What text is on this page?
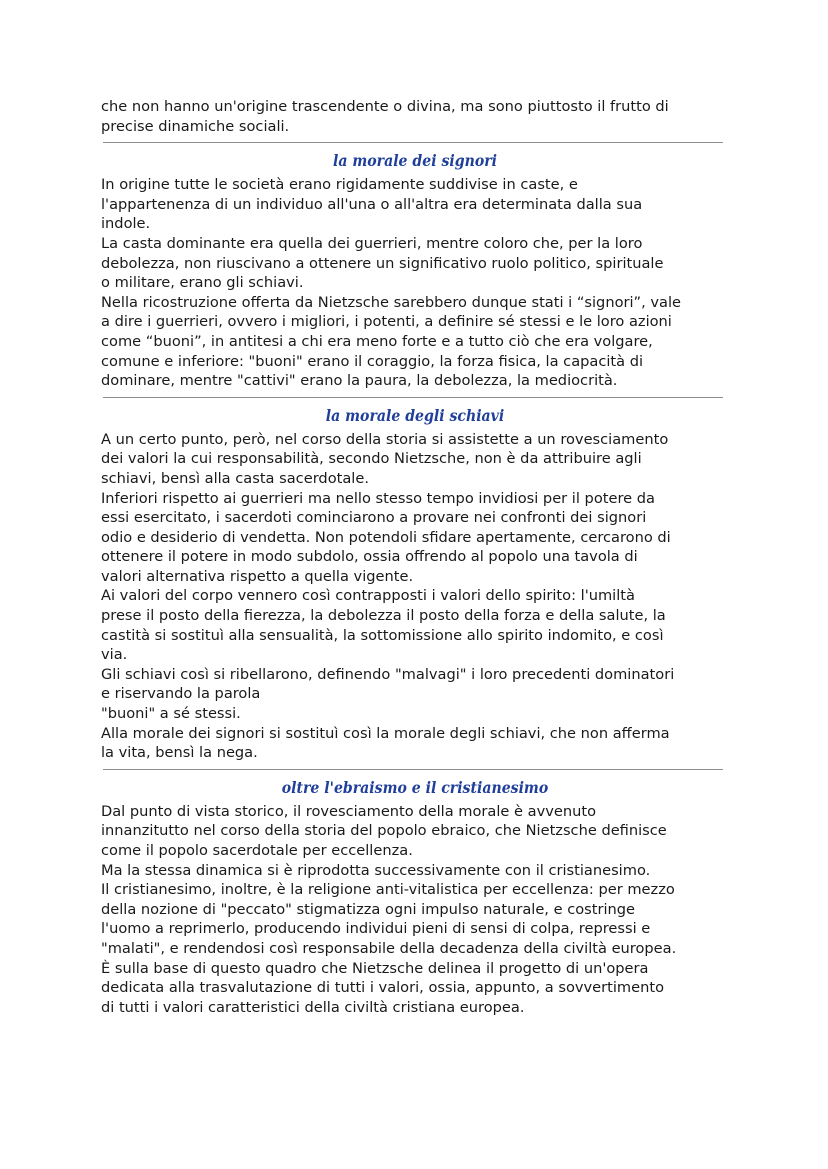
che non hanno un'origine trascendente o divina, ma sono piuttosto il frutto di
precise dinamiche sociali.

la morale dei signori

In origine tutte le società erano rigidamente suddivise in caste, e
l'appartenenza di un individuo all'una o all'altra era determinata dalla sua
indole.

La casta dominante era quella dei guerrieri, mentre coloro che, per la loro
debolezza, non riuscivano a ottenere un significativo ruolo politico, spirituale
o militare, erano gli schiavi.

Nella ricostruzione offerta da Nietzsche sarebbero dunque stati i “signori”, vale
a dire i guerrieri, ovvero i migliori, i potenti, a definire sé stessi e le loro azioni
come “buoni”, in antitesi a chi era meno forte e a tutto ciò che era volgare,
comune e inferiore: "buoni" erano il coraggio, la forza fisica, la capacità di
dominare, mentre "cattivi" erano la paura, la debolezza, la mediocrità.

la morale degli schiavi

A un certo punto, però, nel corso della storia si assistette a un rovesciamento
dei valori la cui responsabilità, secondo Nietzsche, non è da attribuire agli
schiavi, bensì alla casta sacerdotale.

Inferiori rispetto ai guerrieri ma nello stesso tempo invidiosi per il potere da
essi esercitato, i sacerdoti cominciarono a provare nei confronti dei signori
odio e desiderio di vendetta. Non potendoli sfidare apertamente, cercarono di
ottenere il potere in modo subdolo, ossia offrendo al popolo una tavola di
valori alternativa rispetto a quella vigente.

Ai valori del corpo vennero così contrapposti i valori dello spirito: l'umiltà
prese il posto della fierezza, la debolezza il posto della forza e della salute, la
castità si sostituì alla sensualità, la sottomissione allo spirito indomito, e così
via.

Gli schiavi così si ribellarono, definendo "malvagi" i loro precedenti dominatori
e riservando la parola
"buoni" a sé stessi.

Alla morale dei signori si sostituì così la morale degli schiavi, che non afferma
la vita, bensì la nega.

oltre l'ebraismo e il cristianesimo

Dal punto di vista storico, il rovesciamento della morale è avvenuto
innanzitutto nel corso della storia del popolo ebraico, che Nietzsche definisce
come il popolo sacerdotale per eccellenza.

Ma la stessa dinamica si è riprodotta successivamente con il cristianesimo.

Il cristianesimo, inoltre, è la religione anti-vitalistica per eccellenza: per mezzo
della nozione di "peccato" stigmatizza ogni impulso naturale, e costringe
l'uomo a reprimerlo, producendo individui pieni di sensi di colpa, repressi e
"malati", e rendendosi così responsabile della decadenza della civiltà europea.

È sulla base di questo quadro che Nietzsche delinea il progetto di un'opera
dedicata alla trasvalutazione di tutti i valori, ossia, appunto, a sovvertimento
di tutti i valori caratteristici della civiltà cristiana europea.
